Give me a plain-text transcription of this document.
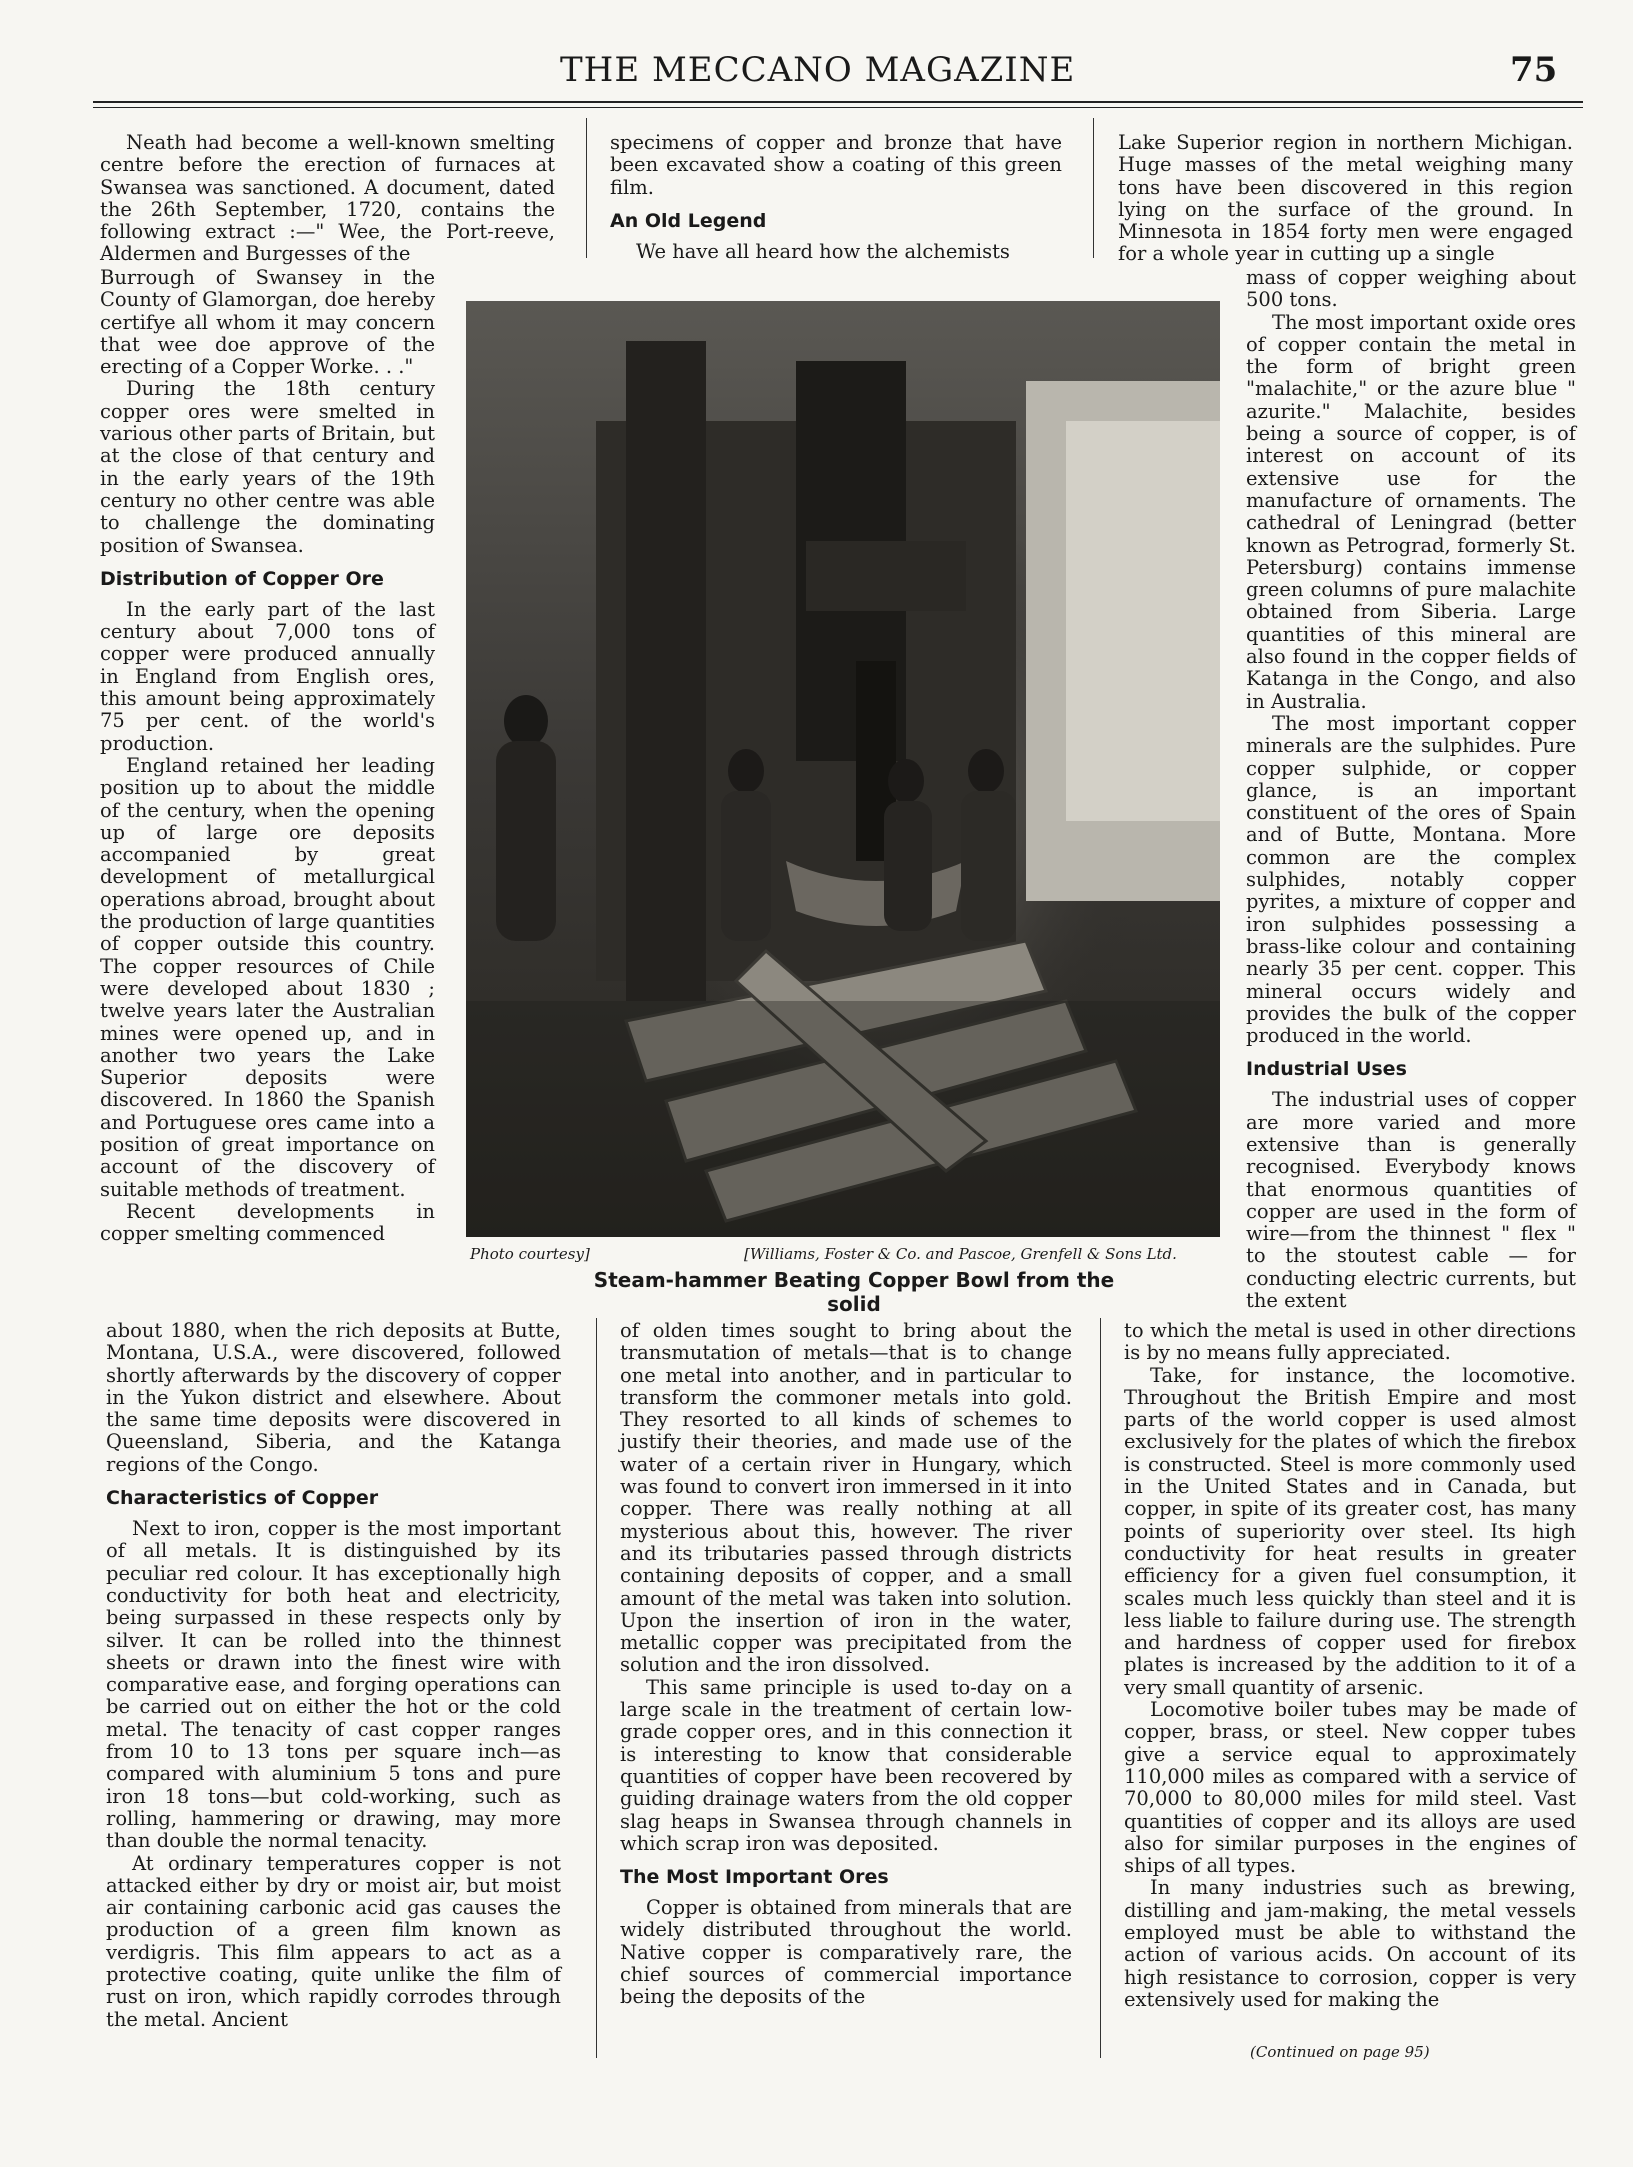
THE MECCANO MAGAZINE	75

Neath had become a well-known smelting centre before the erection of furnaces at Swansea was sanctioned. A document, dated the 26th September, 1720, contains the following extract :—" Wee, the Port-reeve, Aldermen and Burgesses of the

Burrough of Swansey in the County of Glamorgan, doe hereby certifye all whom it may concern that wee doe approve of the erecting of a Copper Worke. . ."

During the 18th century copper ores were smelted in various other parts of Britain, but at the close of that century and in the early years of the 19th century no other centre was able to challenge the dominating position of Swansea.

Distribution of Copper Ore

In the early part of the last century about 7,000 tons of copper were produced annually in England from English ores, this amount being approximately 75 per cent. of the world's production.

England retained her leading position up to about the middle of the century, when the opening up of large ore deposits accompanied by great development of metallurgical operations abroad, brought about the production of large quantities of copper outside this country. The copper resources of Chile were developed about 1830 ; twelve years later the Australian mines were opened up, and in another two years the Lake Superior deposits were discovered. In 1860 the Spanish and Portuguese ores came into a position of great importance on account of the discovery of suitable methods of treatment.

Recent developments in copper smelting commenced

about 1880, when the rich deposits at Butte, Montana, U.S.A., were discovered, followed shortly afterwards by the discovery of copper in the Yukon district and elsewhere. About the same time deposits were discovered in Queensland, Siberia, and the Katanga regions of the Congo.

Characteristics of Copper

Next to iron, copper is the most important of all metals. It is distinguished by its peculiar red colour. It has exceptionally high conductivity for both heat and electricity, being surpassed in these respects only by silver. It can be rolled into the thinnest sheets or drawn into the finest wire with comparative ease, and forging operations can be carried out on either the hot or the cold metal. The tenacity of cast copper ranges from 10 to 13 tons per square inch—as compared with aluminium 5 tons and pure iron 18 tons—but cold-working, such as rolling, hammering or drawing, may more than double the normal tenacity.

At ordinary temperatures copper is not attacked either by dry or moist air, but moist air containing carbonic acid gas causes the production of a green film known as verdigris. This film appears to act as a protective coating, quite unlike the film of rust on iron, which rapidly corrodes through the metal. Ancient

specimens of copper and bronze that have been excavated show a coating of this green film.

An Old Legend

We have all heard how the alchemists

of olden times sought to bring about the transmutation of metals—that is to change one metal into another, and in particular to transform the commoner metals into gold. They resorted to all kinds of schemes to justify their theories, and made use of the water of a certain river in Hungary, which was found to convert iron immersed in it into copper. There was really nothing at all mysterious about this, however. The river and its tributaries passed through districts containing deposits of copper, and a small amount of the metal was taken into solution. Upon the insertion of iron in the water, metallic copper was precipitated from the solution and the iron dissolved.

This same principle is used to-day on a large scale in the treatment of certain low-grade copper ores, and in this connection it is interesting to know that considerable quantities of copper have been recovered by guiding drainage waters from the old copper slag heaps in Swansea through channels in which scrap iron was deposited.

The Most Important Ores

Copper is obtained from minerals that are widely distributed throughout the world. Native copper is comparatively rare, the chief sources of commercial importance being the deposits of the

Lake Superior region in northern Michigan. Huge masses of the metal weighing many tons have been discovered in this region lying on the surface of the ground. In Minnesota in 1854 forty men were engaged for a whole year in cutting up a single

mass of copper weighing about 500 tons.

The most important oxide ores of copper contain the metal in the form of bright green "malachite," or the azure blue " azurite." Malachite, besides being a source of copper, is of interest on account of its extensive use for the manufacture of ornaments. The cathedral of Leningrad (better known as Petrograd, formerly St. Petersburg) contains immense green columns of pure malachite obtained from Siberia. Large quantities of this mineral are also found in the copper fields of Katanga in the Congo, and also in Australia.

The most important copper minerals are the sulphides. Pure copper sulphide, or copper glance, is an important constituent of the ores of Spain and of Butte, Montana. More common are the complex sulphides, notably copper pyrites, a mixture of copper and iron sulphides possessing a brass-like colour and containing nearly 35 per cent. copper. This mineral occurs widely and provides the bulk of the copper produced in the world.

Industrial Uses

The industrial uses of copper are more varied and more extensive than is generally recognised. Everybody knows that enormous quantities of copper are used in the form of wire—from the thinnest " flex " to the stoutest cable — for conducting electric currents, but the extent

to which the metal is used in other directions is by no means fully appreciated.

Take, for instance, the locomotive. Throughout the British Empire and most parts of the world copper is used almost exclusively for the plates of which the firebox is constructed. Steel is more commonly used in the United States and in Canada, but copper, in spite of its greater cost, has many points of superiority over steel. Its high conductivity for heat results in greater efficiency for a given fuel consumption, it scales much less quickly than steel and it is less liable to failure during use. The strength and hardness of copper used for firebox plates is increased by the addition to it of a very small quantity of arsenic.

Locomotive boiler tubes may be made of copper, brass, or steel. New copper tubes give a service equal to approximately 110,000 miles as compared with a service of 70,000 to 80,000 miles for mild steel. Vast quantities of copper and its alloys are used also for similar purposes in the engines of ships of all types.

In many industries such as brewing, distilling and jam-making, the metal vessels employed must be able to withstand the action of various acids. On account of its high resistance to corrosion, copper is very extensively used for making the

(Continued on page 95)
Photo courtesy]	[Williams, Foster & Co. and Pascoe, Grenfell & Sons Ltd.
Steam-hammer Beating Copper Bowl from the solid
